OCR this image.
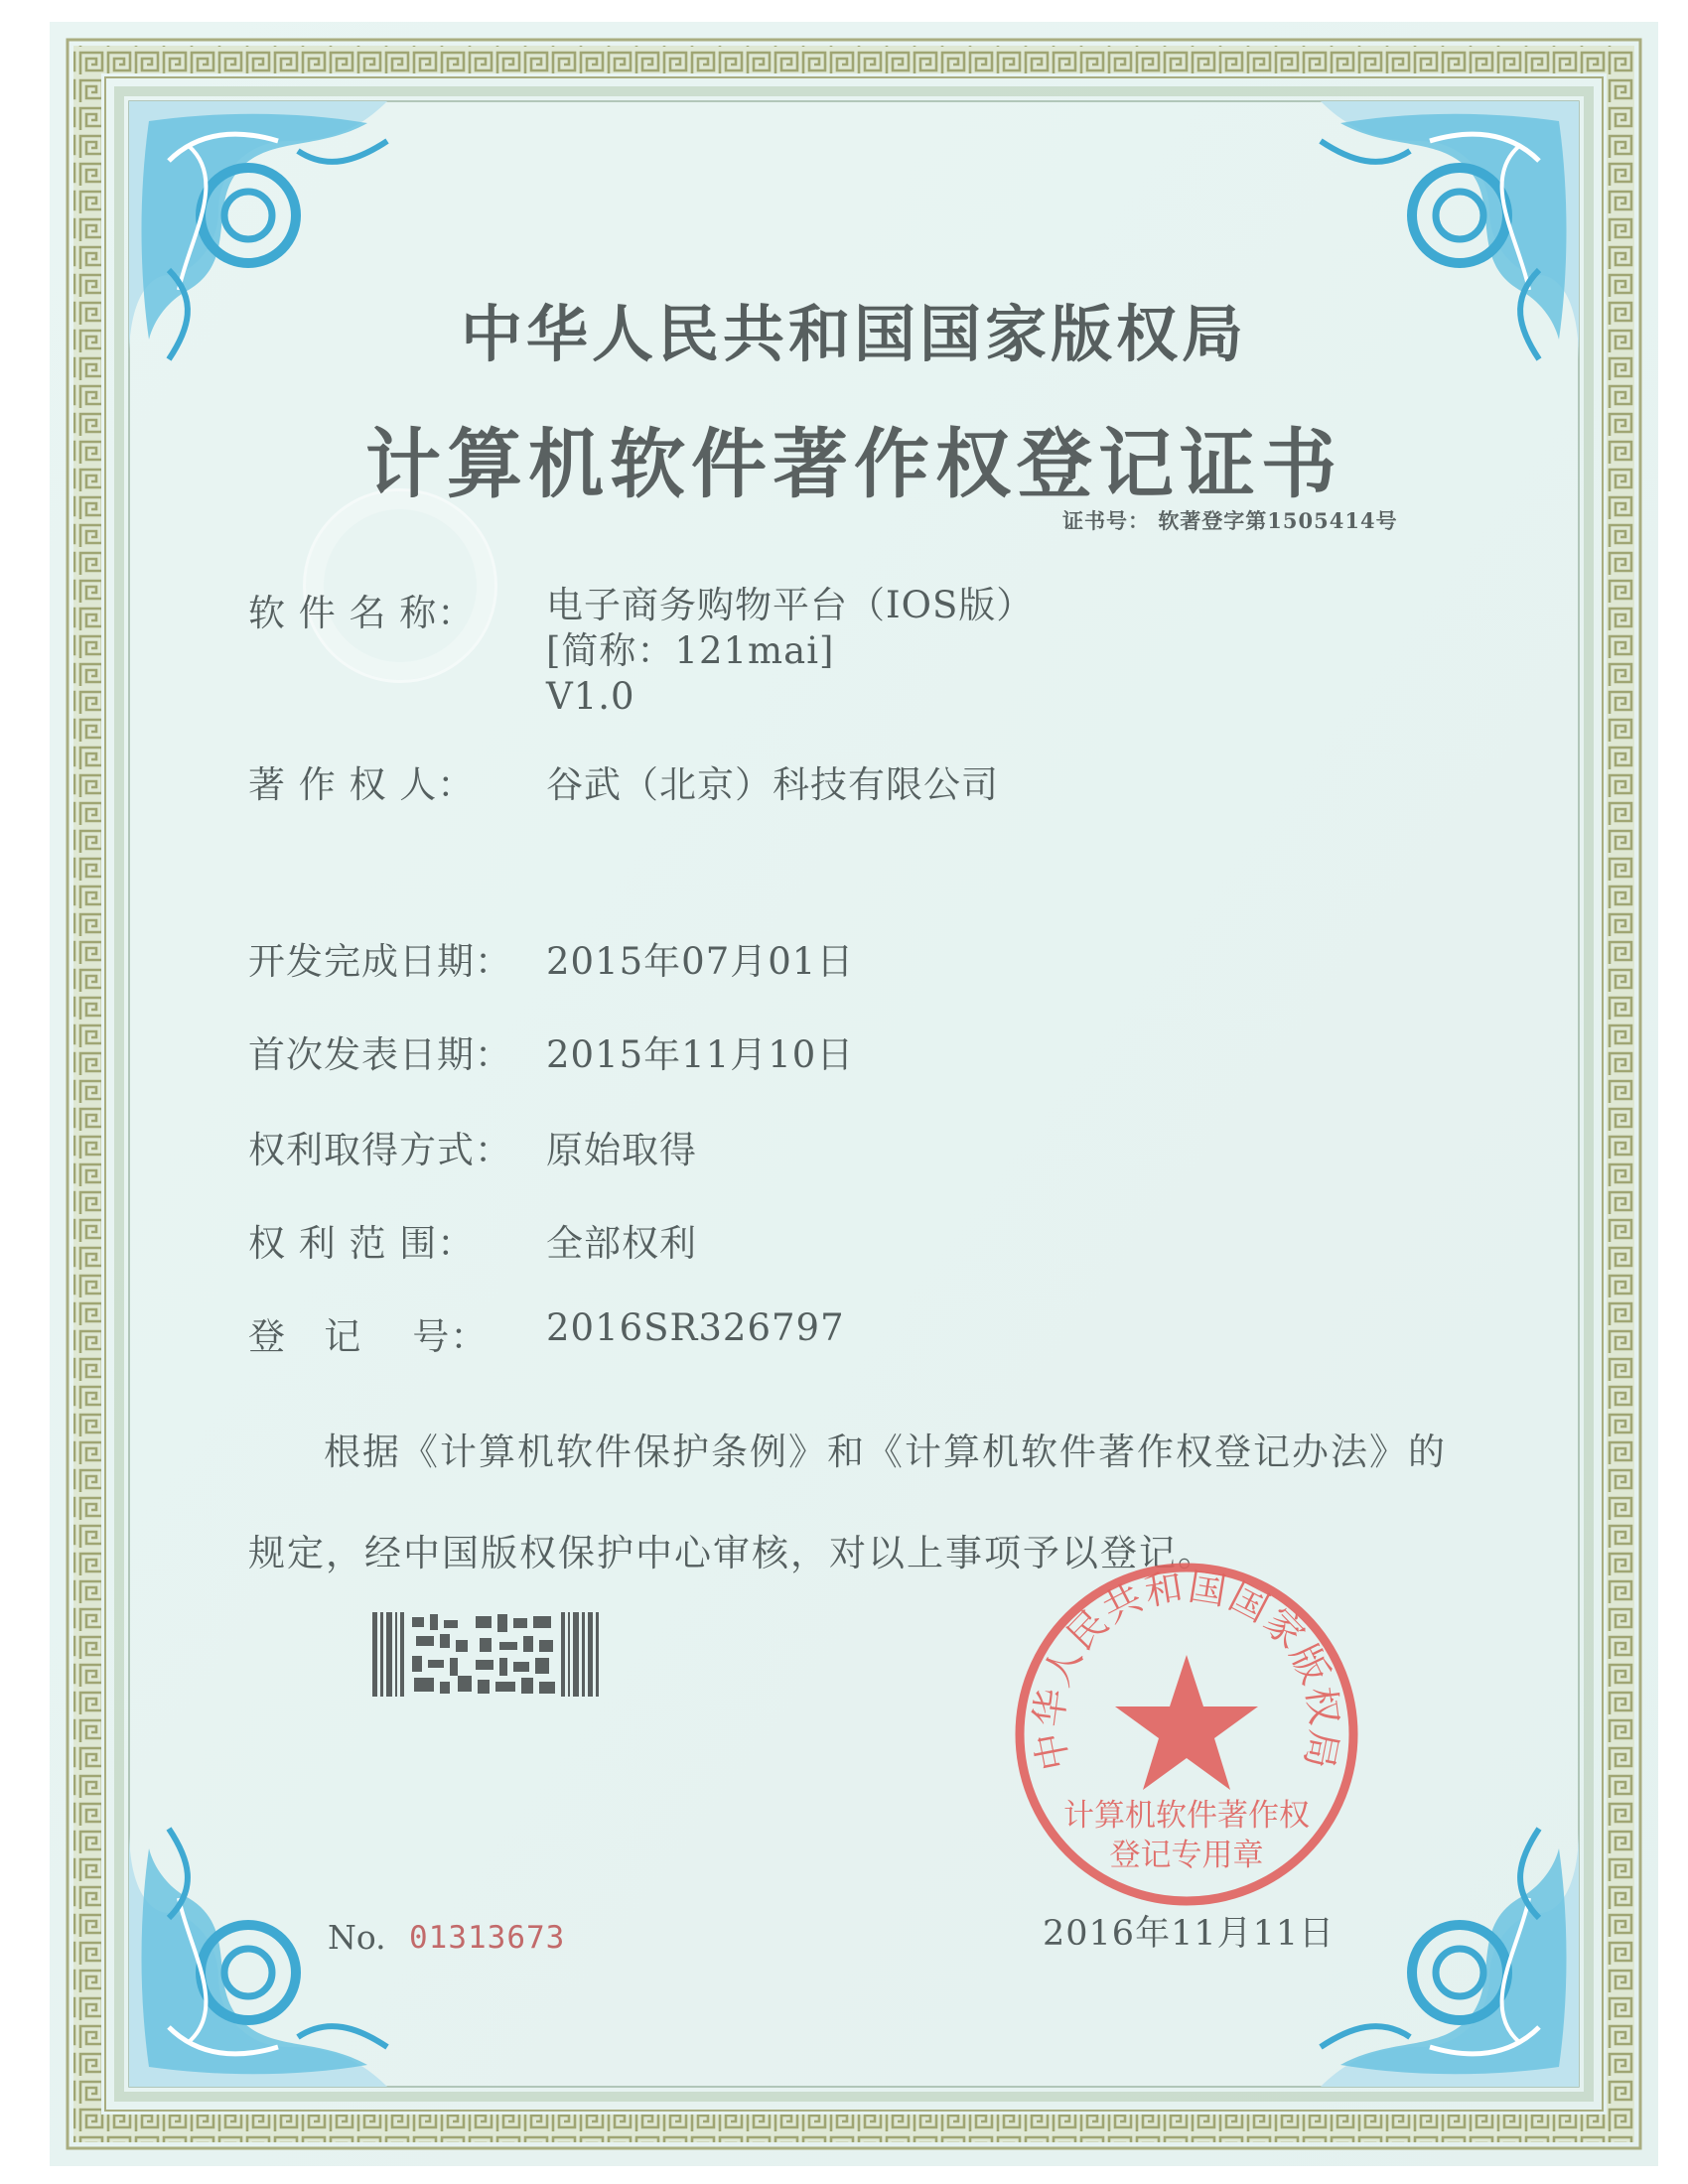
中华人民共和国国家版权局
计算机软件著作权登记证书
证书号： 软著登字第1505414号
软 件 名 称： 电子商务购物平台（IOS版）
[简称：121mai]
V1.0
著 作 权 人： 谷武（北京）科技有限公司
开发完成日期： 2015年07月01日
首次发表日期： 2015年11月10日
权利取得方式： 原始取得
权 利 范 围： 全部权利
登   记    号： 2016SR326797
根据《计算机软件保护条例》和《计算机软件著作权登记办法》的
规定，经中国版权保护中心审核，对以上事项予以登记。
中华人民共和国国家版权局
计算机软件著作权
登记专用章
No. 01313673	2016年11月11日
